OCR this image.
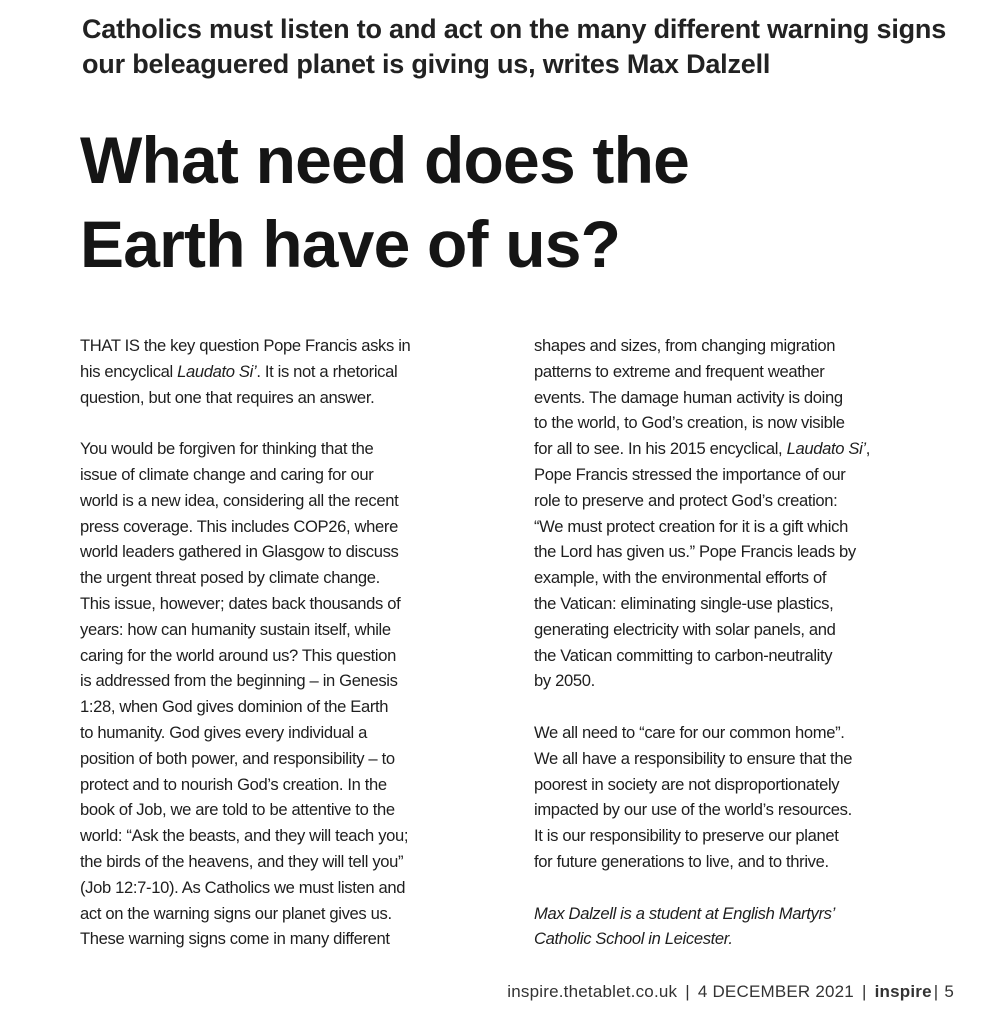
Catholics must listen to and act on the many different warning signs our beleaguered planet is giving us, writes Max Dalzell
What need does the
Earth have of us?

THAT IS the key question Pope Francis asks in
his encyclical Laudato Si’. It is not a rhetorical
question, but one that requires an answer.

You would be forgiven for thinking that the
issue of climate change and caring for our
world is a new idea, considering all the recent
press coverage. This includes COP26, where
world leaders gathered in Glasgow to discuss
the urgent threat posed by climate change.
This issue, however; dates back thousands of
years: how can humanity sustain itself, while
caring for the world around us? This question
is addressed from the beginning – in Genesis
1:28, when God gives dominion of the Earth
to humanity. God gives every individual a
position of both power, and responsibility – to
protect and to nourish God’s creation. In the
book of Job, we are told to be attentive to the
world: “Ask the beasts, and they will teach you;
the birds of the heavens, and they will tell you”
(Job 12:7-10). As Catholics we must listen and
act on the warning signs our planet gives us.
These warning signs come in many different

shapes and sizes, from changing migration
patterns to extreme and frequent weather
events. The damage human activity is doing
to the world, to God’s creation, is now visible
for all to see. In his 2015 encyclical, Laudato Si’,
Pope Francis stressed the importance of our
role to preserve and protect God’s creation:
“We must protect creation for it is a gift which
the Lord has given us.” Pope Francis leads by
example, with the environmental efforts of
the Vatican: eliminating single-use plastics,
generating electricity with solar panels, and
the Vatican committing to carbon-neutrality
by 2050.

We all need to “care for our common home”.
We all have a responsibility to ensure that the
poorest in society are not disproportionately
impacted by our use of the world’s resources.
It is our responsibility to preserve our planet
for future generations to live, and to thrive.

Max Dalzell is a student at English Martyrs’
Catholic School in Leicester.

inspire.thetablet.co.uk | 4 DECEMBER 2021 | inspire | 5
